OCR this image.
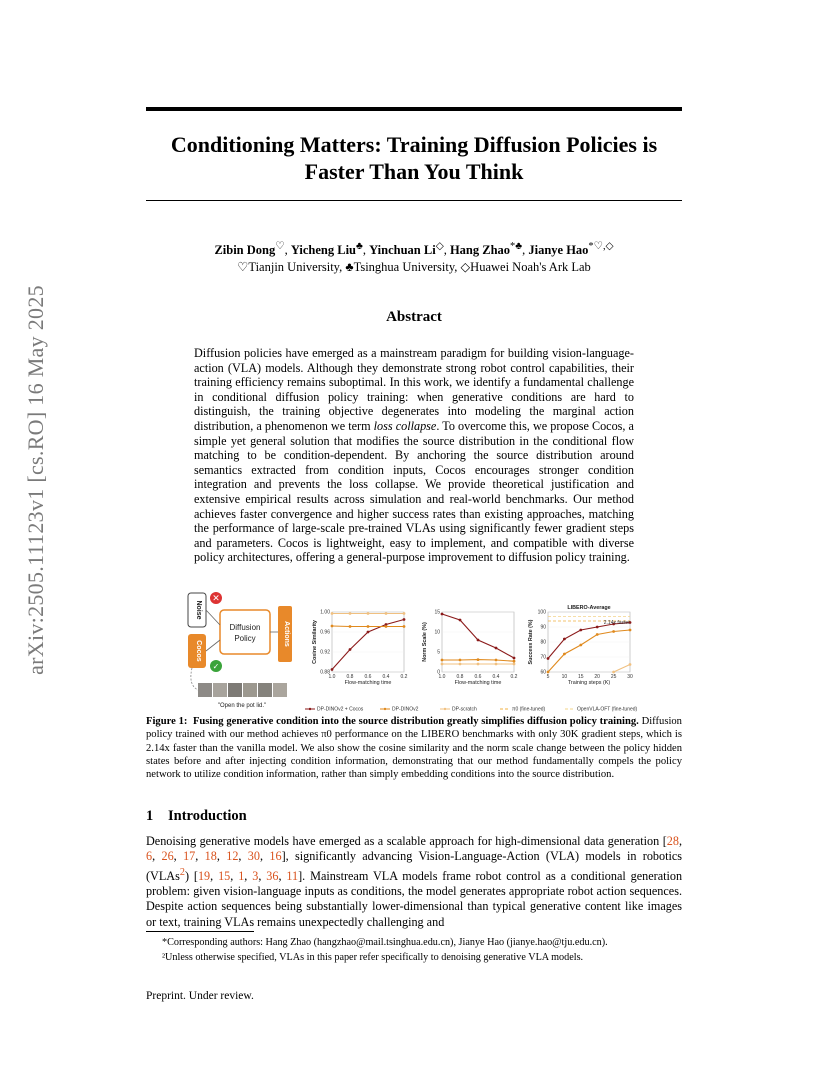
Conditioning Matters: Training Diffusion Policies is Faster Than You Think
arXiv:2505.11123v1 [cs.RO] 16 May 2025
Zibin Dong♡, Yicheng Liu♣, Yinchuan Li◇, Hang Zhao*♣, Jianye Hao*♡,◇
♡Tianjin University, ♣Tsinghua University, ◇Huawei Noah's Ark Lab
Abstract
Diffusion policies have emerged as a mainstream paradigm for building vision-language-action (VLA) models. Although they demonstrate strong robot control capabilities, their training efficiency remains suboptimal. In this work, we identify a fundamental challenge in conditional diffusion policy training: when generative conditions are hard to distinguish, the training objective degenerates into modeling the marginal action distribution, a phenomenon we term loss collapse. To overcome this, we propose Cocos, a simple yet general solution that modifies the source distribution in the conditional flow matching to be condition-dependent. By anchoring the source distribution around semantics extracted from condition inputs, Cocos encourages stronger condition integration and prevents the loss collapse. We provide theoretical justification and extensive empirical results across simulation and real-world benchmarks. Our method achieves faster convergence and higher success rates than existing approaches, matching the performance of large-scale pre-trained VLAs using significantly fewer gradient steps and parameters. Cocos is lightweight, easy to implement, and compatible with diverse policy architectures, offering a general-purpose improvement to diffusion policy training.
Noise
✕
Cocos
✓
Diffusion
Policy	Actions
"Open the pot lid."
0.88
0.92
0.96
1.00
1.0 0.8 0.6 0.4 0.2
Flow-matching time
Cosine Similarity
0
5
10
15
1.0 0.8 0.6 0.4 0.2
Flow-matching time
Norm Scale (%)
60
70
80
90
100
5 10 15 20 25 30
Training steps (K)
Success Rate (%)
LIBERO-Average
2.14x faster
DP-DINOv2 + Cocos	DP-DINOv2	DP-scratch	π0 (fine-tuned)	OpenVLA-OFT (fine-tuned)
Figure 1: Fusing generative condition into the source distribution greatly simplifies diffusion policy training. Diffusion policy trained with our method achieves π0 performance on the LIBERO benchmarks with only 30K gradient steps, which is 2.14x faster than the vanilla model. We also show the cosine similarity and the norm scale change between the policy hidden states before and after injecting condition information, demonstrating that our method fundamentally compels the policy network to utilize condition information, rather than simply embedding conditions into the source distribution.
1 Introduction
Denoising generative models have emerged as a scalable approach for high-dimensional data generation [28, 6, 26, 17, 18, 12, 30, 16], significantly advancing Vision-Language-Action (VLA) models in robotics (VLAs$^2$) [19, 15, 1, 3, 36, 11]. Mainstream VLA models frame robot control as a conditional generation problem: given vision-language inputs as conditions, the model generates appropriate robot action sequences. Despite action sequences being substantially lower-dimensional than typical generative content like images or text, training VLAs remains unexpectedly challenging and

*Corresponding authors: Hang Zhao (hangzhao@mail.tsinghua.edu.cn), Jianye Hao (jianye.hao@tju.edu.cn).

²Unless otherwise specified, VLAs in this paper refer specifically to denoising generative VLA models.

Preprint. Under review.
